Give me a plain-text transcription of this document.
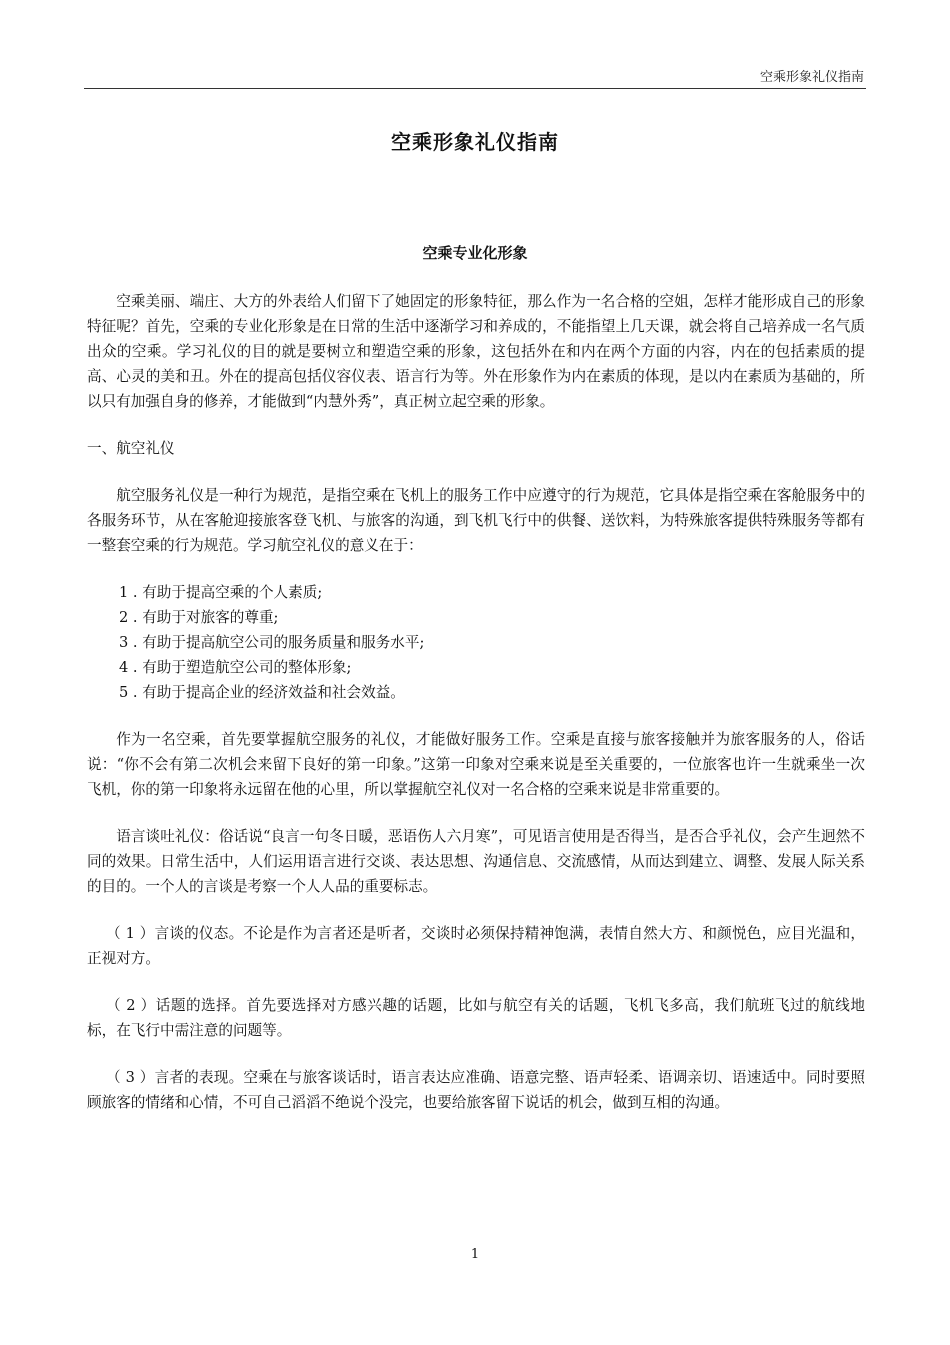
空乘形象礼仪指南
空乘形象礼仪指南
空乘专业化形象

空乘美丽、端庄、大方的外表给人们留下了她固定的形象特征，那么作为一名合格的空姐，怎样才能形成自己的形象特征呢？首先，空乘的专业化形象是在日常的生活中逐渐学习和养成的，不能指望上几天课，就会将自己培养成一名气质出众的空乘。学习礼仪的目的就是要树立和塑造空乘的形象，这包括外在和内在两个方面的内容，内在的包括素质的提高、心灵的美和丑。外在的提高包括仪容仪表、语言行为等。外在形象作为内在素质的体现，是以内在素质为基础的，所以只有加强自身的修养，才能做到“内慧外秀”，真正树立起空乘的形象。

一、航空礼仪

航空服务礼仪是一种行为规范，是指空乘在飞机上的服务工作中应遵守的行为规范，它具体是指空乘在客舱服务中的各服务环节，从在客舱迎接旅客登飞机、与旅客的沟通，到飞机飞行中的供餐、送饮料，为特殊旅客提供特殊服务等都有一整套空乘的行为规范。学习航空礼仪的意义在于：

1 . 有助于提高空乘的个人素质;
2 . 有助于对旅客的尊重;
3 . 有助于提高航空公司的服务质量和服务水平;
4 . 有助于塑造航空公司的整体形象;
5 . 有助于提高企业的经济效益和社会效益。

作为一名空乘，首先要掌握航空服务的礼仪，才能做好服务工作。空乘是直接与旅客接触并为旅客服务的人，俗话说：“你不会有第二次机会来留下良好的第一印象。”这第一印象对空乘来说是至关重要的，一位旅客也许一生就乘坐一次飞机，你的第一印象将永远留在他的心里，所以掌握航空礼仪对一名合格的空乘来说是非常重要的。

语言谈吐礼仪：俗话说“良言一句冬日暖，恶语伤人六月寒”，可见语言使用是否得当，是否合乎礼仪，会产生迥然不同的效果。日常生活中，人们运用语言进行交谈、表达思想、沟通信息、交流感情，从而达到建立、调整、发展人际关系的目的。一个人的言谈是考察一个人人品的重要标志。

（ 1 ）言谈的仪态。不论是作为言者还是听者，交谈时必须保持精神饱满，表情自然大方、和颜悦色，应目光温和，正视对方。

（ 2 ）话题的选择。首先要选择对方感兴趣的话题，比如与航空有关的话题，飞机飞多高，我们航班飞过的航线地标，在飞行中需注意的问题等。

（ 3 ）言者的表现。空乘在与旅客谈话时，语言表达应准确、语意完整、语声轻柔、语调亲切、语速适中。同时要照顾旅客的情绪和心情，不可自己滔滔不绝说个没完，也要给旅客留下说话的机会，做到互相的沟通。

1
